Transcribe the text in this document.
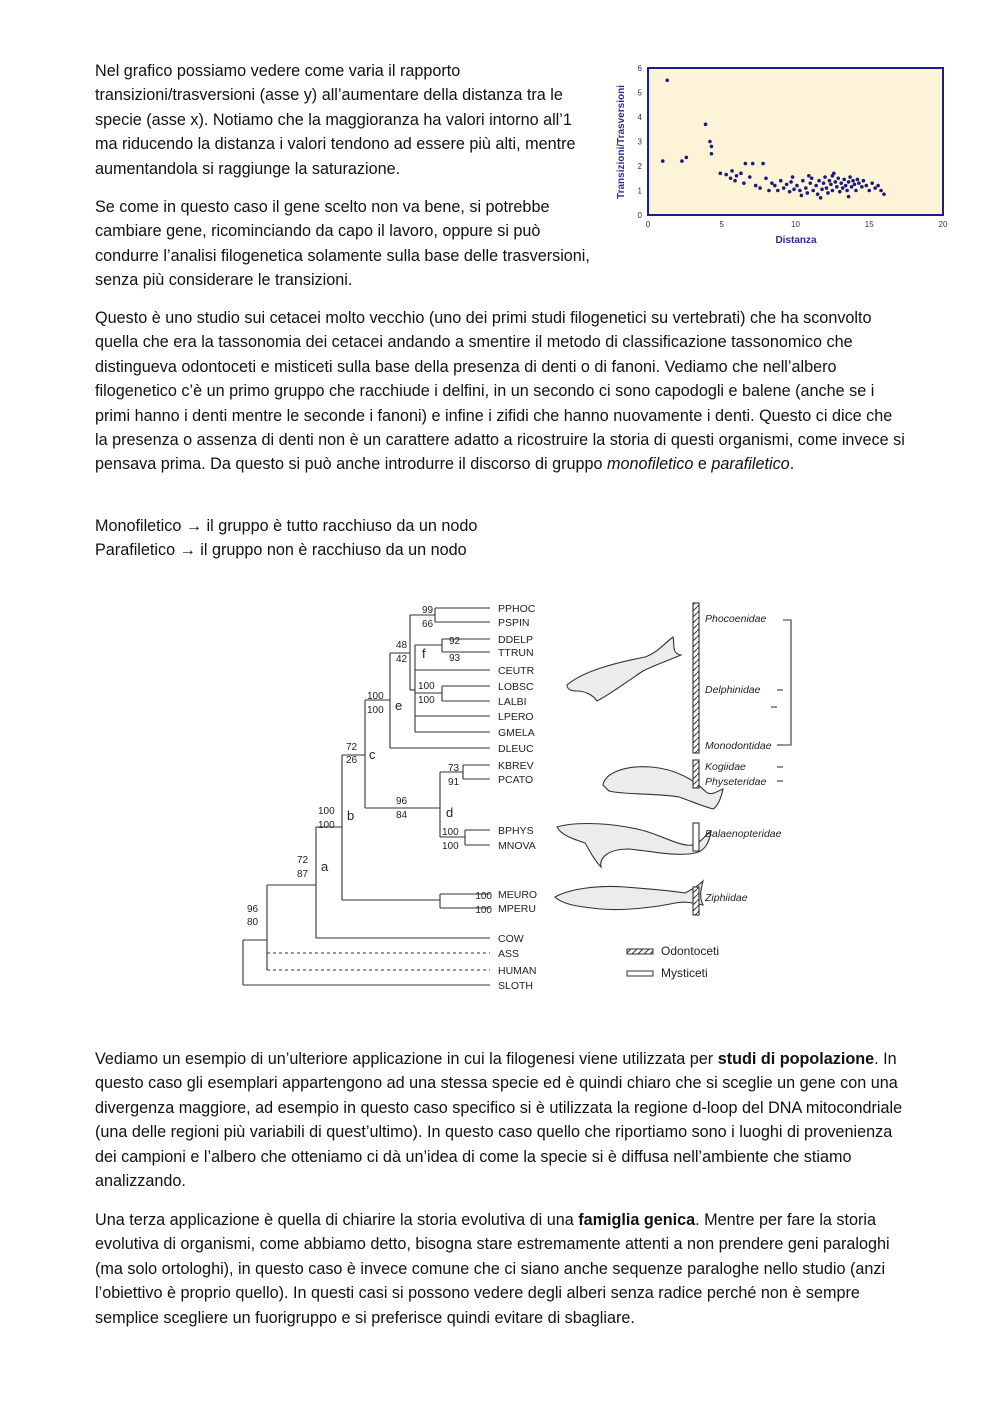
Nel grafico possiamo vedere come varia il rapporto transizioni/trasversioni (asse y) all’aumentare della distanza tra le specie (asse x). Notiamo che la maggioranza ha valori intorno all’1 ma riducendo la distanza i valori tendono ad essere più alti, mentre aumentandola si raggiunge la saturazione.

Se come in questo caso il gene scelto non va bene, si potrebbe cambiare gene, ricominciando da capo il lavoro, oppure si può condurre l’analisi filogenetica solamente sulla base delle trasversioni, senza più considerare le transizioni.

0
1
2
3
4
5
6
0	5	10	15	20
Distanza
Transizioni/Trasversioni

Questo è uno studio sui cetacei molto vecchio (uno dei primi studi filogenetici su vertebrati) che ha sconvolto quella che era la tassonomia dei cetacei andando a smentire il metodo di classificazione tassonomico che distingueva odontoceti e misticeti sulla base della presenza di denti o di fanoni. Vediamo che nell’albero filogenetico c’è un primo gruppo che racchiude i delfini, in un secondo ci sono capodogli e balene (anche se i primi hanno i denti mentre le seconde i fanoni) e infine i zifidi che hanno nuovamente i denti. Questo ci dice che la presenza o assenza di denti non è un carattere adatto a ricostruire la storia di questi organismi, come invece si pensava prima. Da questo si può anche introdurre il discorso di gruppo monofiletico e parafiletico.

Monofiletico → il gruppo è tutto racchiuso da un nodo

Parafiletico → il gruppo non è racchiuso da un nodo

PPHOC
PSPIN
DDELP
TTRUN
CEUTR
LOBSC
LALBI
LPERO
GMELA
DLEUC
KBREV
PCATO
BPHYS
MNOVA
MEURO
MPERU
COW
ASS
HUMAN
SLOTH
99
66
92
93
100
100
48
42
100
100
72
26
73
91
96
84
100
100
100
100
100
100
72
87
96
80
a
b
c
d
e
f
Phocoenidae
Delphinidae
Monodontidae
Kogiidae
Physeteridae
Balaenopteridae
Ziphiidae
Odontoceti
Mysticeti

Vediamo un esempio di un’ulteriore applicazione in cui la filogenesi viene utilizzata per studi di popolazione. In questo caso gli esemplari appartengono ad una stessa specie ed è quindi chiaro che si sceglie un gene con una divergenza maggiore, ad esempio in questo caso specifico si è utilizzata la regione d-loop del DNA mitocondriale (una delle regioni più variabili di quest’ultimo). In questo caso quello che riportiamo sono i luoghi di provenienza dei campioni e l’albero che otteniamo ci dà un’idea di come la specie si è diffusa nell’ambiente che stiamo analizzando.

Una terza applicazione è quella di chiarire la storia evolutiva di una famiglia genica. Mentre per fare la storia evolutiva di organismi, come abbiamo detto, bisogna stare estremamente attenti a non prendere geni paraloghi (ma solo ortologhi), in questo caso è invece comune che ci siano anche sequenze paraloghe nello studio (anzi l’obiettivo è proprio quello). In questi casi si possono vedere degli alberi senza radice perché non è sempre semplice scegliere un fuorigruppo e si preferisce quindi evitare di sbagliare.
